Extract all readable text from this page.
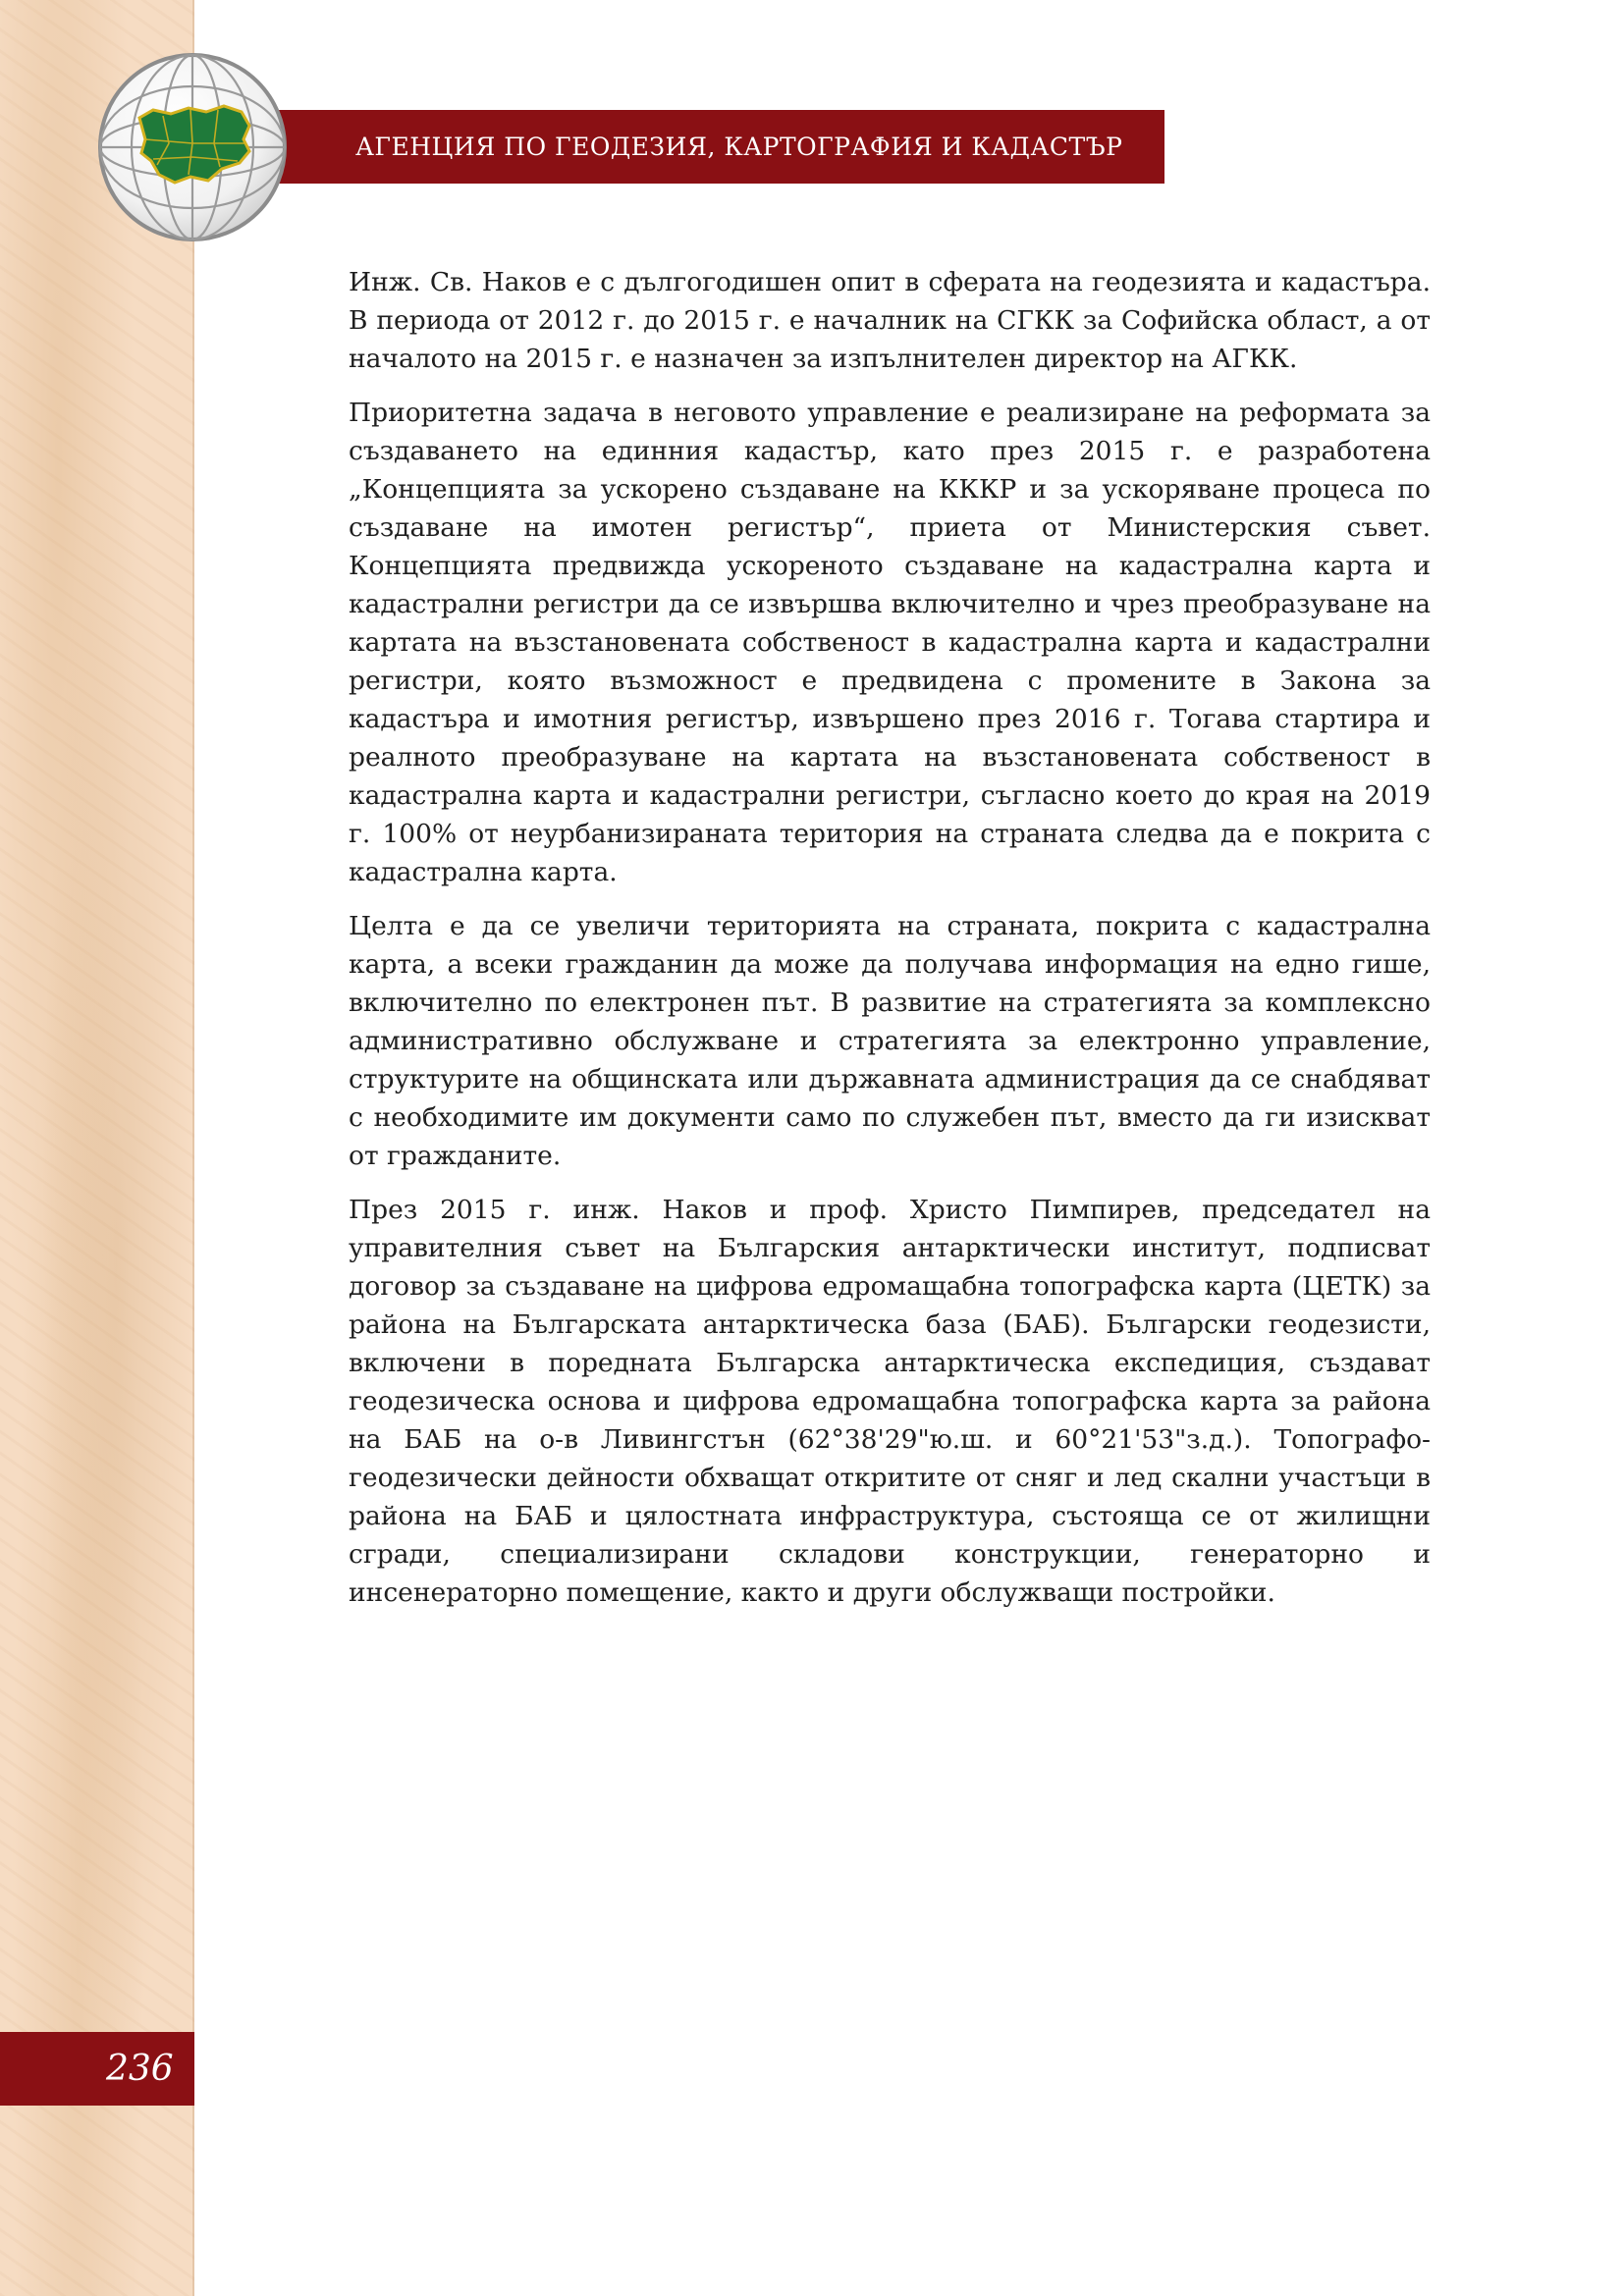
АГЕНЦИЯ ПО ГЕОДЕЗИЯ, КАРТОГРАФИЯ И КАДАСТЪР

Инж. Св. Наков е с дългогодишен опит в сферата на геодезията и кадастъра. В периода от 2012 г. до 2015 г. е началник на СГКК за Софийска област, а от началото на 2015 г. е назначен за изпълнителен директор на АГКК.

Приоритетна задача в неговото управление е реализиране на реформата за създаването на единния кадастър, като през 2015 г. е разработена „Концепцията за ускорено създаване на КККР и за ускоряване процеса по създаване на имотен регистър“, приета от Министерския съвет. Концепцията предвижда ускореното създаване на кадастрална карта и кадастрални регистри да се извършва включително и чрез преобразуване на картата на възстановената собственост в кадастрална карта и кадастрални регистри, която възможност е предвидена с промените в Закона за кадастъра и имотния регистър, извършено през 2016 г. Тогава стартира и реалното преобразуване на картата на възстановената собственост в кадастрална карта и кадастрални регистри, съгласно което до края на 2019 г. 100% от неурбанизираната територия на страната следва да е покрита с кадастрална карта.

Целта е да се увеличи територията на страната, покрита с кадастрална карта, а всеки гражданин да може да получава информация на едно гише, включително по електронен път. В развитие на стратегията за комплексно административно обслужване и стратегията за електронно управление, структурите на общинската или държавната администрация да се снабдяват с необходимите им документи само по служебен път, вместо да ги изискват от гражданите.

През 2015 г. инж. Наков и проф. Христо Пимпирев, председател на управителния съвет на Българския антарктически институт, подписват договор за създаване на цифрова едромащабна топографска карта (ЦЕТК) за района на Българската антарктическа база (БАБ). Български геодезисти, включени в поредната Българска антарктическа експедиция, създават геодезическа основа и цифрова едромащабна топографска карта за района на БАБ на о-в Ливингстън (62°38'29"ю.ш. и 60°21'53"з.д.). Топографо-геодезически дейности обхващат откритите от сняг и лед скални участъци в района на БАБ и цялостната инфраструктура, състояща се от жилищни сгради, специализирани складови конструкции, генераторно и инсенераторно помещение, както и други обслужващи постройки.

236
